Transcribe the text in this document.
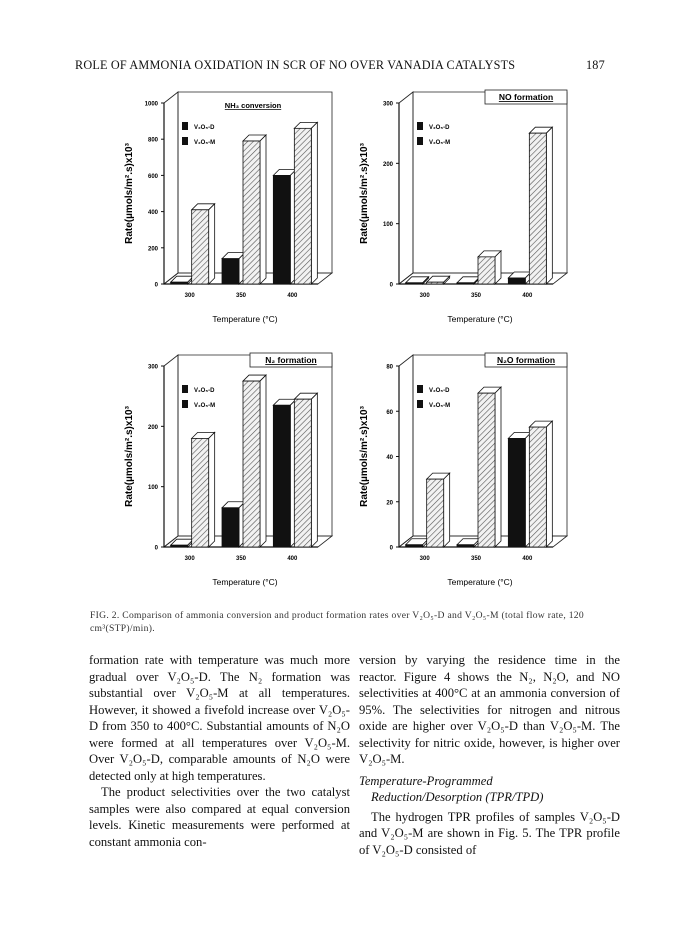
ROLE OF AMMONIA OXIDATION IN SCR OF NO OVER VANADIA CATALYSTS	187
0
200
400
600
800
1000
Rate(µmols/m².s)x10³
300	350	400
Temperature (°C)
V₂O₅-D
V₂O₅-M
NH₃ conversion
0
100
200
300
Rate(µmols/m².s)x10³
300	350	400
Temperature (°C)
V₂O₅-D
V₂O₅-M
NO formation
0
100
200
300
Rate(µmols/m².s)x10³
300	350	400
Temperature (°C)
V₂O₅-D
V₂O₅-M
N₂ formation
0
20
40
60
80
Rate(µmols/m².s)x10³
300	350	400
Temperature (°C)
V₂O₅-D
V₂O₅-M
N₂O formation
FIG. 2. Comparison of ammonia conversion and product formation rates over V₂O₅-D and V₂O₅-M (total flow rate, 120 cm³(STP)/min).

formation rate with temperature was much more gradual over V₂O₅-D. The N₂ formation was substantial over V₂O₅-M at all temperatures. However, it showed a fivefold increase over V₂O₅-D from 350 to 400°C. Substantial amounts of N₂O were formed at all temperatures over V₂O₅-M. Over V₂O₅-D, comparable amounts of N₂O were detected only at high temperatures.

The product selectivities over the two catalyst samples were also compared at equal conversion levels. Kinetic measurements were performed at constant ammonia con-

version by varying the residence time in the reactor. Figure 4 shows the N₂, N₂O, and NO selectivities at 400°C at an ammonia conversion of 95%. The selectivities for nitrogen and nitrous oxide are higher over V₂O₅-D than V₂O₅-M. The selectivity for nitric oxide, however, is higher over V₂O₅-M.

Temperature-Programmed
Reduction/Desorption (TPR/TPD)

The hydrogen TPR profiles of samples V₂O₅-D and V₂O₅-M are shown in Fig. 5. The TPR profile of V₂O₅-D consisted of
